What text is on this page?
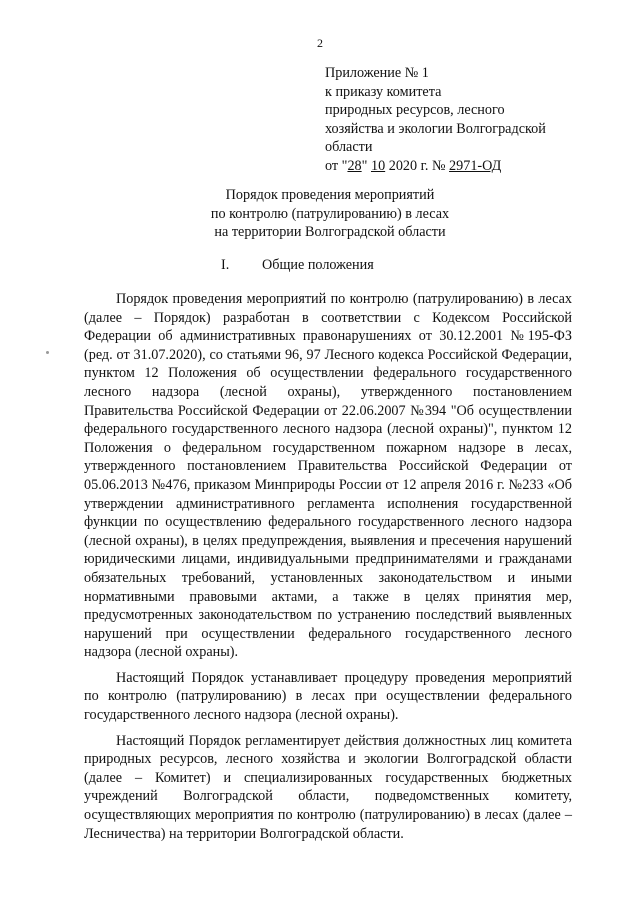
2
Приложение № 1
к приказу комитета
природных ресурсов, лесного
хозяйства и экологии Волгоградской
области
от "28" 10 2020 г. № 2971-ОД
Порядок проведения мероприятий
по контролю (патрулированию) в лесах
на территории Волгоградской области
I. Общие положения

Порядок проведения мероприятий по контролю (патрулированию) в лесах (далее – Порядок) разработан в соответствии с Кодексом Российской Федерации об административных правонарушениях от 30.12.2001 №195-ФЗ (ред. от 31.07.2020), со статьями 96, 97 Лесного кодекса Российской Федерации, пунктом 12 Положения об осуществлении федерального государственного лесного надзора (лесной охраны), утвержденного постановлением Правительства Российской Федерации от 22.06.2007 №394 "Об осуществлении федерального государственного лесного надзора (лесной охраны)", пунктом 12 Положения о федеральном государственном пожарном надзоре в лесах, утвержденного постановлением Правительства Российской Федерации от 05.06.2013 №476, приказом Минприроды России от 12 апреля 2016 г. №233 «Об утверждении административного регламента исполнения государственной функции по осуществлению федерального государственного лесного надзора (лесной охраны), в целях предупреждения, выявления и пресечения нарушений юридическими лицами, индивидуальными предпринимателями и гражданами обязательных требований, установленных законодательством и иными нормативными правовыми актами, а также в целях принятия мер, предусмотренных законодательством по устранению последствий выявленных нарушений при осуществлении федерального государственного лесного надзора (лесной охраны).

Настоящий Порядок устанавливает процедуру проведения мероприятий по контролю (патрулированию) в лесах при осуществлении федерального государственного лесного надзора (лесной охраны).

Настоящий Порядок регламентирует действия должностных лиц комитета природных ресурсов, лесного хозяйства и экологии Волгоградской области (далее – Комитет) и специализированных государственных бюджетных учреждений Волгоградской области, подведомственных комитету, осуществляющих мероприятия по контролю (патрулированию) в лесах (далее – Лесничества) на территории Волгоградской области.
